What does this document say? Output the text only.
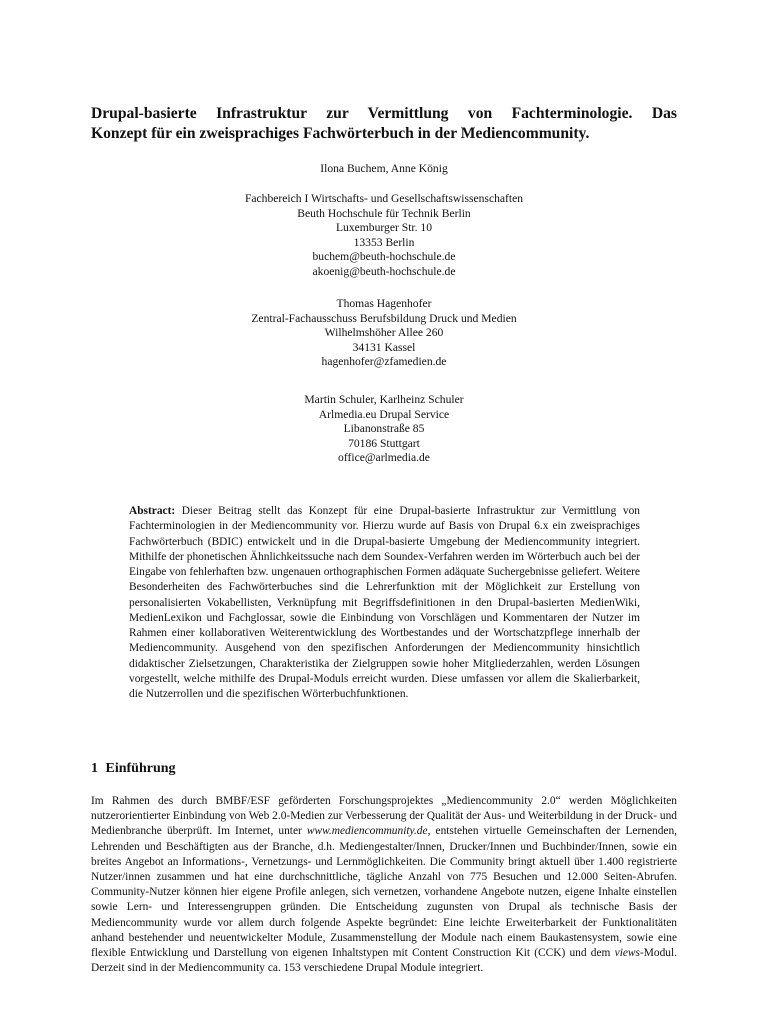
Drupal-basierte Infrastruktur zur Vermittlung von Fachterminologie. Das
Konzept für ein zweisprachiges Fachwörterbuch in der Mediencommunity.
Ilona Buchem, Anne König
Fachbereich I Wirtschafts- und Gesellschaftswissenschaften
Beuth Hochschule für Technik Berlin
Luxemburger Str. 10
13353 Berlin
buchem@beuth-hochschule.de
akoenig@beuth-hochschule.de
Thomas Hagenhofer
Zentral-Fachausschuss Berufsbildung Druck und Medien
Wilhelmshöher Allee 260
34131 Kassel
hagenhofer@zfamedien.de
Martin Schuler, Karlheinz Schuler
Arlmedia.eu Drupal Service
Libanonstraße 85
70186 Stuttgart
office@arlmedia.de

Abstract: Dieser Beitrag stellt das Konzept für eine Drupal-basierte Infrastruktur zur Vermittlung von Fachterminologien in der Mediencommunity vor. Hierzu wurde auf Basis von Drupal 6.x ein zweisprachiges Fachwörterbuch (BDIC) entwickelt und in die Drupal-basierte Umgebung der Mediencommunity integriert. Mithilfe der phonetischen Ähnlichkeitssuche nach dem Soundex-Verfahren werden im Wörterbuch auch bei der Eingabe von fehlerhaften bzw. ungenauen orthographischen Formen adäquate Suchergebnisse geliefert. Weitere Besonderheiten des Fachwörterbuches sind die Lehrerfunktion mit der Möglichkeit zur Erstellung von personalisierten Vokabellisten, Verknüpfung mit Begriffsdefinitionen in den Drupal-basierten MedienWiki, MedienLexikon und Fachglossar, sowie die Einbindung von Vorschlägen und Kommentaren der Nutzer im Rahmen einer kollaborativen Weiterentwicklung des Wortbestandes und der Wortschatzpflege innerhalb der Mediencommunity. Ausgehend von den spezifischen Anforderungen der Mediencommunity hinsichtlich didaktischer Zielsetzungen, Charakteristika der Zielgruppen sowie hoher Mitgliederzahlen, werden Lösungen vorgestellt, welche mithilfe des Drupal-Moduls erreicht wurden. Diese umfassen vor allem die Skalierbarkeit, die Nutzerrollen und die spezifischen Wörterbuchfunktionen.

1 Einführung

Im Rahmen des durch BMBF/ESF geförderten Forschungsprojektes „Mediencommunity 2.0“ werden Möglichkeiten nutzerorientierter Einbindung von Web 2.0-Medien zur Verbesserung der Qualität der Aus- und Weiterbildung in der Druck- und Medienbranche überprüft. Im Internet, unter www.mediencommunity.de, entstehen virtuelle Gemeinschaften der Lernenden, Lehrenden und Beschäftigten aus der Branche, d.h. Mediengestalter/Innen, Drucker/Innen und Buchbinder/Innen, sowie ein breites Angebot an Informations-, Vernetzungs- und Lernmöglichkeiten. Die Community bringt aktuell über 1.400 registrierte Nutzer/innen zusammen und hat eine durchschnittliche, tägliche Anzahl von 775 Besuchen und 12.000 Seiten-Abrufen. Community-Nutzer können hier eigene Profile anlegen, sich vernetzen, vorhandene Angebote nutzen, eigene Inhalte einstellen sowie Lern- und Interessengruppen gründen. Die Entscheidung zugunsten von Drupal als technische Basis der Mediencommunity wurde vor allem durch folgende Aspekte begründet: Eine leichte Erweiterbarkeit der Funktionalitäten anhand bestehender und neuentwickelter Module, Zusammenstellung der Module nach einem Baukastensystem, sowie eine flexible Entwicklung und Darstellung von eigenen Inhaltstypen mit Content Construction Kit (CCK) und dem views-Modul. Derzeit sind in der Mediencommunity ca. 153 verschiedene Drupal Module integriert.
